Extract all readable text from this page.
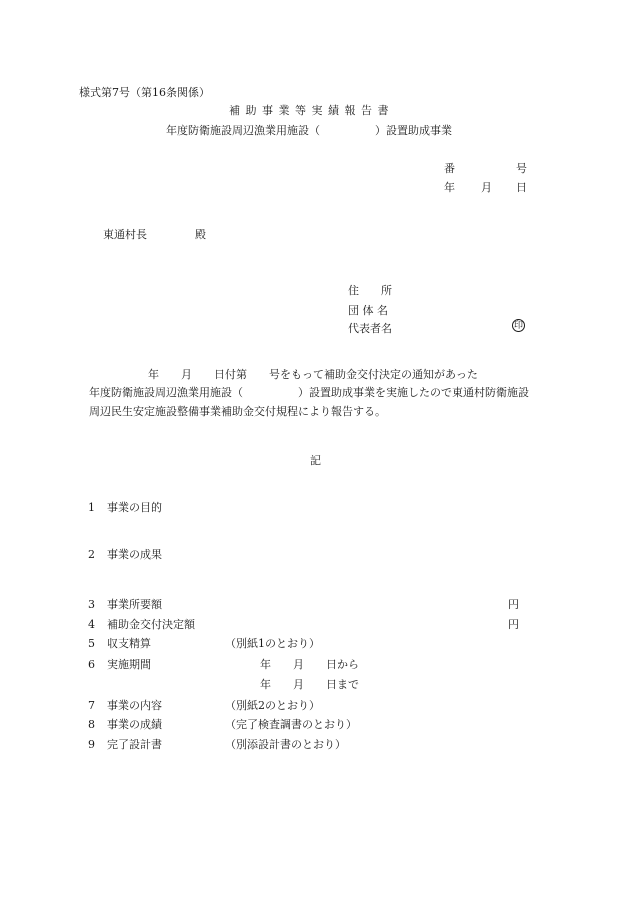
様式第7号（第16条関係）
補 助 事 業 等 実 績 報 告 書
年度防衛施設周辺漁業用施設（　　　　　）設置助成事業
番	号
年 月 日
東通村長	殿
住　　所
団 体 名
代表者名	印
年　　月　　日付第　　号をもって補助金交付決定の通知があった
年度防衛施設周辺漁業用施設（　　　　　）設置助成事業を実施したので東通村防衛施設
周辺民生安定施設整備事業補助金交付規程により報告する。
記
1	事業の目的
2	事業の成果
3	事業所要額	円
4	補助金交付決定額	円
5	収支精算	（別紙1のとおり）
6	実施期間	年　　月　　日から
年　　月　　日まで
7	事業の内容	（別紙2のとおり）
8	事業の成績	（完了検査調書のとおり）
9	完了設計書	（別添設計書のとおり）
